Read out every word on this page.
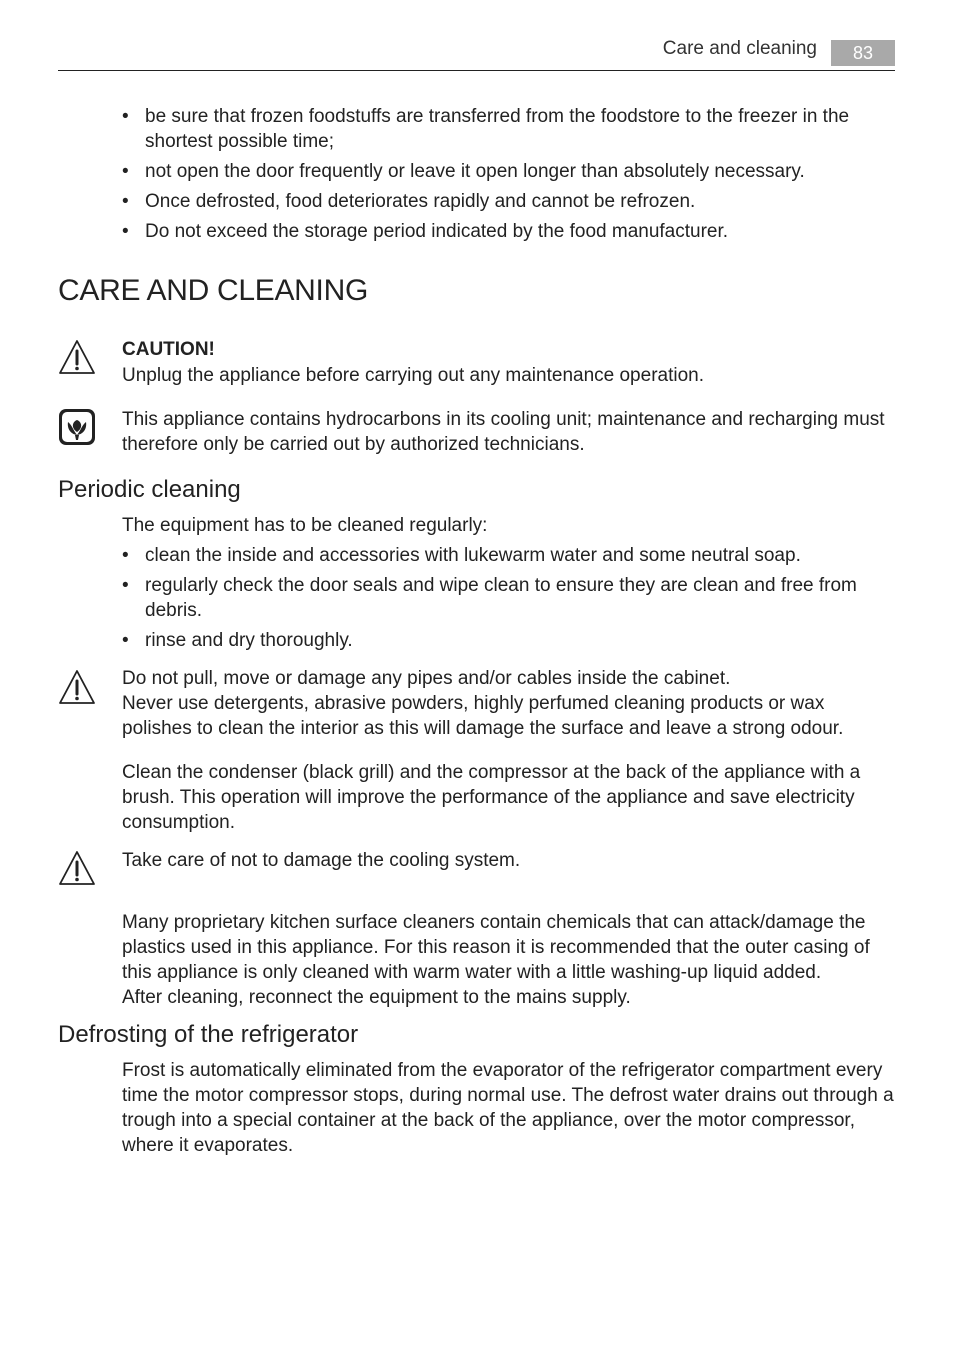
Care and cleaning	83
• be sure that frozen foodstuffs are transferred from the foodstore to the freezer in the shortest possible time;
• not open the door frequently or leave it open longer than absolutely necessary.
• Once defrosted, food deteriorates rapidly and cannot be refrozen.
• Do not exceed the storage period indicated by the food manufacturer.
CARE AND CLEANING
CAUTION!
Unplug the appliance before carrying out any maintenance operation.
This appliance contains hydrocarbons in its cooling unit; maintenance and recharging must therefore only be carried out by authorized technicians.
Periodic cleaning
The equipment has to be cleaned regularly:
• clean the inside and accessories with lukewarm water and some neutral soap.
• regularly check the door seals and wipe clean to ensure they are clean and free from debris.
• rinse and dry thoroughly.
Do not pull, move or damage any pipes and/or cables inside the cabinet.
Never use detergents, abrasive powders, highly perfumed cleaning products or wax polishes to clean the interior as this will damage the surface and leave a strong odour.
Clean the condenser (black grill) and the compressor at the back of the appliance with a brush. This operation will improve the performance of the appliance and save electricity consumption.
Take care of not to damage the cooling system.
Many proprietary kitchen surface cleaners contain chemicals that can attack/damage the plastics used in this appliance. For this reason it is recommended that the outer casing of this appliance is only cleaned with warm water with a little washing-up liquid added.
After cleaning, reconnect the equipment to the mains supply.
Defrosting of the refrigerator
Frost is automatically eliminated from the evaporator of the refrigerator compartment every time the motor compressor stops, during normal use. The defrost water drains out through a trough into a special container at the back of the appliance, over the motor compressor, where it evaporates.
